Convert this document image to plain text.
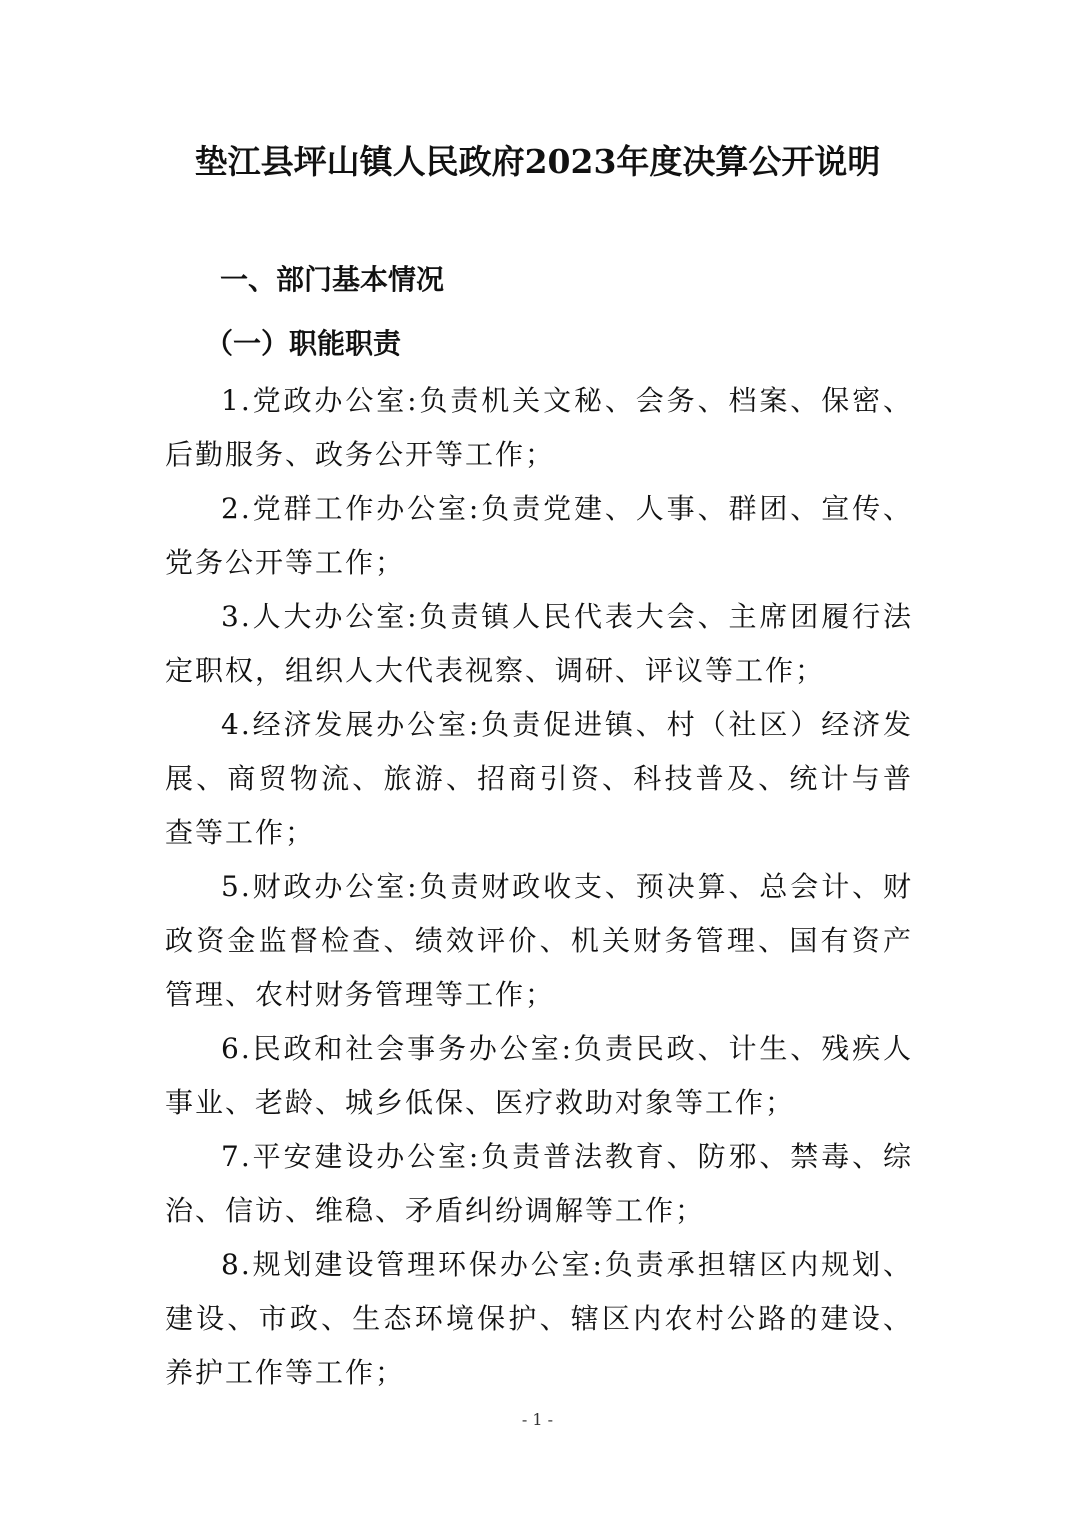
垫江县坪山镇人民政府2023年度决算公开说明
一、部门基本情况
（一）职能职责

1.党政办公室:负责机关文秘、会务、档案、保密、后勤服务、政务公开等工作；

2.党群工作办公室:负责党建、人事、群团、宣传、党务公开等工作；

3.人大办公室:负责镇人民代表大会、主席团履行法定职权，组织人大代表视察、调研、评议等工作；

4.经济发展办公室:负责促进镇、村（社区）经济发展、商贸物流、旅游、招商引资、科技普及、统计与普查等工作；

5.财政办公室:负责财政收支、预决算、总会计、财政资金监督检查、绩效评价、机关财务管理、国有资产管理、农村财务管理等工作；

6.民政和社会事务办公室:负责民政、计生、残疾人事业、老龄、城乡低保、医疗救助对象等工作；

7.平安建设办公室:负责普法教育、防邪、禁毒、综治、信访、维稳、矛盾纠纷调解等工作；

8.规划建设管理环保办公室:负责承担辖区内规划、建设、市政、生态环境保护、辖区内农村公路的建设、养护工作等工作；

- 1 -
